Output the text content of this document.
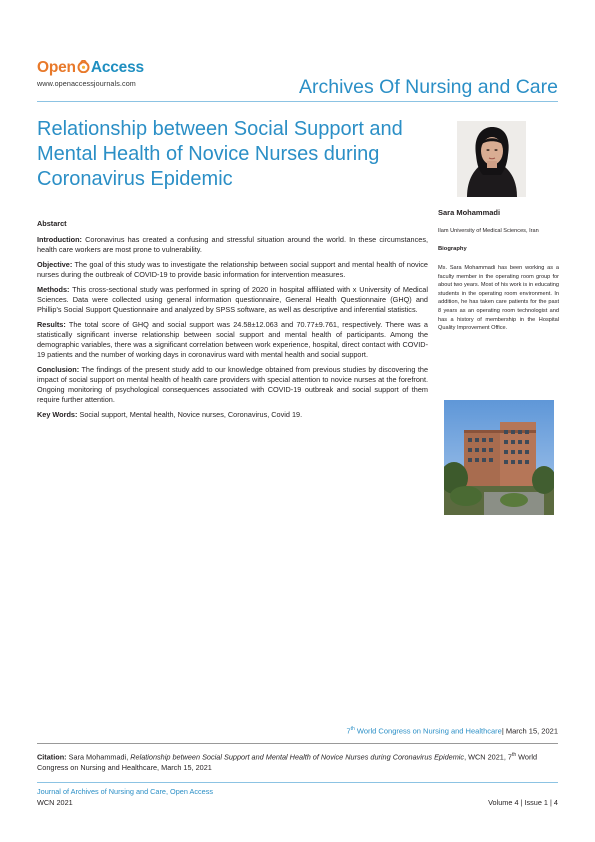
Open Access
www.openaccessjournals.com	Archives Of Nursing and Care
Relationship between Social Support and Mental Health of Novice Nurses during Coronavirus Epidemic
Abstarct

Introduction: Coronavirus has created a confusing and stressful situation around the world. In these circumstances, health care workers are most prone to vulnerability.

Objective: The goal of this study was to investigate the relationship between social support and mental health of novice nurses during the outbreak of COVID-19 to provide basic information for intervention measures.

Methods: This cross-sectional study was performed in spring of 2020 in hospital affiliated with x University of Medical Sciences. Data were collected using general information questionnaire, General Health Questionnaire (GHQ) and Phillip's Social Support Questionnaire and analyzed by SPSS software, as well as descriptive and inferential statistics.

Results: The total score of GHQ and social support was 24.58±12.063 and 70.77±9.761, respectively. There was a statistically significant inverse relationship between social support and mental health of participants. Among the demographic variables, there was a significant correlation between work experience, hospital, direct contact with COVID-19 patients and the number of working days in coronavirus ward with mental health and social support.

Conclusion: The findings of the present study add to our knowledge obtained from previous studies by discovering the impact of social support on mental health of health care providers with special attention to novice nurses at the forefront. Ongoing monitoring of psychological consequences associated with COVID-19 outbreak and social support of them require further attention.

Key Words: Social support, Mental health, Novice nurses, Coronavirus, Covid 19.

Sara Mohammadi
Ilam University of Medical Sciences, Iran
Biography
Ms. Sara Mohammadi has been working as a faculty member in the operating room group for about two years. Most of his work is in educating students in the operating room environment. In addition, he has taken care patients for the past 8 years as an operating room technologist and has a history of membership in the Hospital Quality Improvement Office.
7th World Congress on Nursing and Healthcare| March 15, 2021
Citation: Sara Mohammadi, Relationship between Social Support and Mental Health of Novice Nurses during Coronavirus Epidemic, WCN 2021, 7th World Congress on Nursing and Healthcare, March 15, 2021
Journal of Archives of Nursing and Care, Open Access
WCN 2021	Volume 4 | Issue 1 | 4
